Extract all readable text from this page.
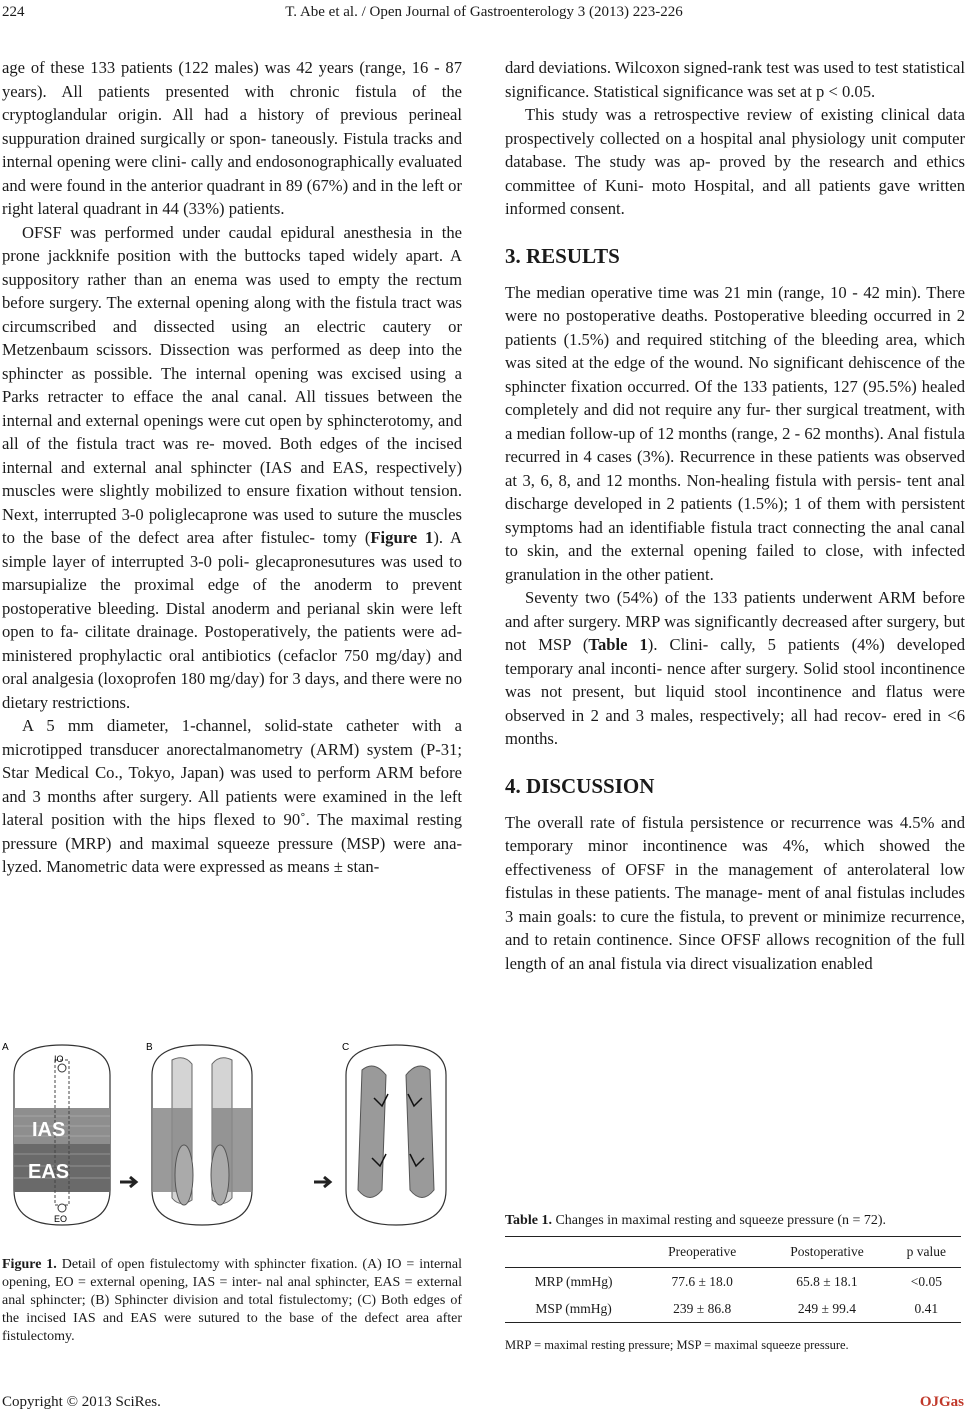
224	T. Abe et al. / Open Journal of Gastroenterology 3 (2013) 223-226

age of these 133 patients (122 males) was 42 years (range, 16 - 87 years). All patients presented with chronic fistula of the cryptoglandular origin. All had a history of previous perineal suppuration drained surgically or spon- taneously. Fistula tracks and internal opening were clini- cally and endosonographically evaluated and were found in the anterior quadrant in 89 (67%) and in the left or right lateral quadrant in 44 (33%) patients.

OFSF was performed under caudal epidural anesthesia in the prone jackknife position with the buttocks taped widely apart. A suppository rather than an enema was used to empty the rectum before surgery. The external opening along with the fistula tract was circumscribed and dissected using an electric cautery or Metzenbaum scissors. Dissection was performed as deep into the sphincter as possible. The internal opening was excised using a Parks retracter to efface the anal canal. All tissues between the internal and external openings were cut open by sphincterotomy, and all of the fistula tract was re- moved. Both edges of the incised internal and external anal sphincter (IAS and EAS, respectively) muscles were slightly mobilized to ensure fixation without tension. Next, interrupted 3-0 poliglecaprone was used to suture the muscles to the base of the defect area after fistulec- tomy (Figure 1). A simple layer of interrupted 3-0 poli- glecapronesutures was used to marsupialize the proximal edge of the anoderm to prevent postoperative bleeding. Distal anoderm and perianal skin were left open to fa- cilitate drainage. Postoperatively, the patients were ad- ministered prophylactic oral antibiotics (cefaclor 750 mg/day) and oral analgesia (loxoprofen 180 mg/day) for 3 days, and there were no dietary restrictions.

A 5 mm diameter, 1-channel, solid-state catheter with a microtipped transducer anorectalmanometry (ARM) system (P-31; Star Medical Co., Tokyo, Japan) was used to perform ARM before and 3 months after surgery. All patients were examined in the left lateral position with the hips flexed to 90˚. The maximal resting pressure (MRP) and maximal squeeze pressure (MSP) were ana- lyzed. Manometric data were expressed as means ± stan-

dard deviations. Wilcoxon signed-rank test was used to test statistical significance. Statistical significance was set at p < 0.05.

This study was a retrospective review of existing clinical data prospectively collected on a hospital anal physiology unit computer database. The study was ap- proved by the research and ethics committee of Kuni- moto Hospital, and all patients gave written informed consent.

3. RESULTS

The median operative time was 21 min (range, 10 - 42 min). There were no postoperative deaths. Postoperative bleeding occurred in 2 patients (1.5%) and required stitching of the bleeding area, which was sited at the edge of the wound. No significant dehiscence of the sphincter fixation occurred. Of the 133 patients, 127 (95.5%) healed completely and did not require any fur- ther surgical treatment, with a median follow-up of 12 months (range, 2 - 62 months). Anal fistula recurred in 4 cases (3%). Recurrence in these patients was observed at 3, 6, 8, and 12 months. Non-healing fistula with persis- tent anal discharge developed in 2 patients (1.5%); 1 of them with persistent symptoms had an identifiable fistula tract connecting the anal canal to skin, and the external opening failed to close, with infected granulation in the other patient.

Seventy two (54%) of the 133 patients underwent ARM before and after surgery. MRP was significantly decreased after surgery, but not MSP (Table 1). Clini- cally, 5 patients (4%) developed temporary anal inconti- nence after surgery. Solid stool incontinence was not present, but liquid stool incontinence and flatus were observed in 2 and 3 males, respectively; all had recov- ered in <6 months.

4. DISCUSSION

The overall rate of fistula persistence or recurrence was 4.5% and temporary minor incontinence was 4%, which showed the effectiveness of OFSF in the management of anterolateral low fistulas in these patients. The manage- ment of anal fistulas includes 3 main goals: to cure the fistula, to prevent or minimize recurrence, and to retain continence. Since OFSF allows recognition of the full length of an anal fistula via direct visualization enabled

A	B	C
IO
IAS
EAS
EO
Figure 1. Detail of open fistulectomy with sphincter fixation. (A) IO = internal opening, EO = external opening, IAS = inter- nal anal sphincter, EAS = external anal sphincter; (B) Sphincter division and total fistulectomy; (C) Both edges of the incised IAS and EAS were sutured to the base of the defect area after fistulectomy.
Table 1. Changes in maximal resting and squeeze pressure (n = 72).
	Preoperative	Postoperative	p value
MRP (mmHg)	77.6 ± 18.0	65.8 ± 18.1	<0.05
MSP (mmHg)	239 ± 86.8	249 ± 99.4	0.41
MRP = maximal resting pressure; MSP = maximal squeeze pressure.
Copyright © 2013 SciRes.	OJGas
